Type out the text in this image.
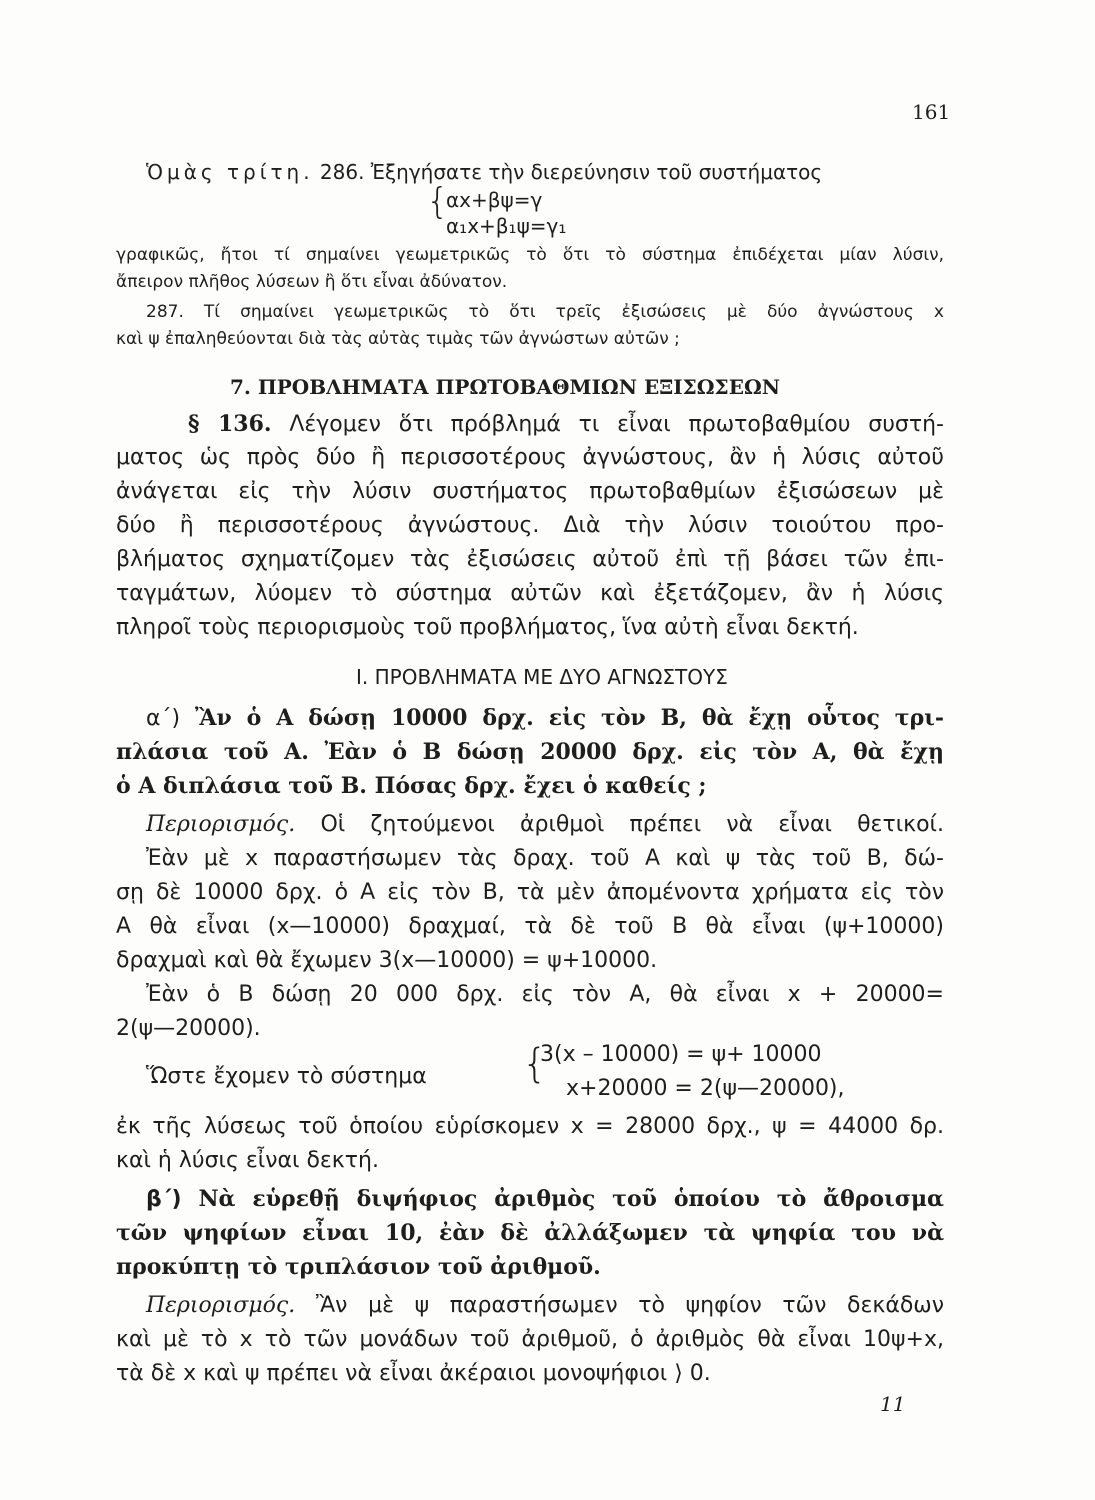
161
Ὁμὰς τρίτη. 286. Ἐξηγήσατε τὴν διερεύνησιν τοῦ συστήματος
{
αx+βψ=γ
α₁x+β₁ψ=γ₁
γραφικῶς, ἤτοι τί σημαίνει γεωμετρικῶς τὸ ὅτι τὸ σύστημα ἐπιδέχεται μίαν λύσιν,
ἄπειρον πλῆθος λύσεων ἢ ὅτι εἶναι ἀδύνατον.
287. Τί σημαίνει γεωμετρικῶς τὸ ὅτι τρεῖς ἐξισώσεις μὲ δύο ἀγνώστους x
καὶ ψ ἐπαληθεύονται διὰ τὰς αὐτὰς τιμὰς τῶν ἀγνώστων αὐτῶν ;
7. ΠΡΟΒΛΗΜΑΤΑ ΠΡΩΤΟΒΑΘΜΙΩΝ ΕΞΙΣΩΣΕΩΝ
§ 136. Λέγομεν ὅτι πρόβλημά τι εἶναι πρωτοβαθμίου συστή-
ματος ὡς πρὸς δύο ἢ περισσοτέρους ἀγνώστους, ἂν ἡ λύσις αὐτοῦ
ἀνάγεται εἰς τὴν λύσιν συστήματος πρωτοβαθμίων ἐξισώσεων μὲ
δύο ἢ περισσοτέρους ἀγνώστους. Διὰ τὴν λύσιν τοιούτου προ-
βλήματος σχηματίζομεν τὰς ἐξισώσεις αὐτοῦ ἐπὶ τῇ βάσει τῶν ἐπι-
ταγμάτων, λύομεν τὸ σύστημα αὐτῶν καὶ ἐξετάζομεν, ἂν ἡ λύσις
πληροῖ τοὺς περιορισμοὺς τοῦ προβλήματος, ἵνα αὐτὴ εἶναι δεκτή.
Ι. ΠΡΟΒΛΗΜΑΤΑ ΜΕ ΔΥΟ ΑΓΝΩΣΤΟΥΣ
α΄) Ἂν ὁ Α δώσῃ 10000 δρχ. εἰς τὸν Β, θὰ ἔχῃ οὗτος τρι-
πλάσια τοῦ Α. Ἐὰν ὁ Β δώσῃ 20000 δρχ. εἰς τὸν Α, θὰ ἔχῃ
ὁ Α διπλάσια τοῦ Β. Πόσας δρχ. ἔχει ὁ καθείς ;
Περιορισμός. Οἱ ζητούμενοι ἀριθμοὶ πρέπει νὰ εἶναι θετικοί.
Ἐὰν μὲ x παραστήσωμεν τὰς δραχ. τοῦ Α καὶ ψ τὰς τοῦ Β, δώ-
σῃ δὲ 10000 δρχ. ὁ Α εἰς τὸν Β, τὰ μὲν ἀπομένοντα χρήματα εἰς τὸν
Α θὰ εἶναι (x—10000) δραχμαί, τὰ δὲ τοῦ Β θὰ εἶναι (ψ+10000)
δραχμαὶ καὶ θὰ ἔχωμεν 3(x—10000) = ψ+10000.
Ἐὰν ὁ Β δώσῃ 20 000 δρχ. εἰς τὸν Α, θὰ εἶναι x + 20000=
2(ψ—20000).
Ὥστε ἔχομεν τὸ σύστημα {
3(x – 10000) = ψ+ 10000
x+20000 = 2(ψ—20000),
ἐκ τῆς λύσεως τοῦ ὁποίου εὑρίσκομεν x = 28000 δρχ., ψ = 44000 δρ.
καὶ ἡ λύσις εἶναι δεκτή.
β΄) Νὰ εὑρεθῇ διψήφιος ἀριθμὸς τοῦ ὁποίου τὸ ἄθροισμα
τῶν ψηφίων εἶναι 10, ἐὰν δὲ ἀλλάξωμεν τὰ ψηφία του νὰ
προκύπτῃ τὸ τριπλάσιον τοῦ ἀριθμοῦ.
Περιορισμός. Ἂν μὲ ψ παραστήσωμεν τὸ ψηφίον τῶν δεκάδων
καὶ μὲ τὸ x τὸ τῶν μονάδων τοῦ ἀριθμοῦ, ὁ ἀριθμὸς θὰ εἶναι 10ψ+x,
τὰ δὲ x καὶ ψ πρέπει νὰ εἶναι ἀκέραιοι μονοψήφιοι ⟩ 0.
11
